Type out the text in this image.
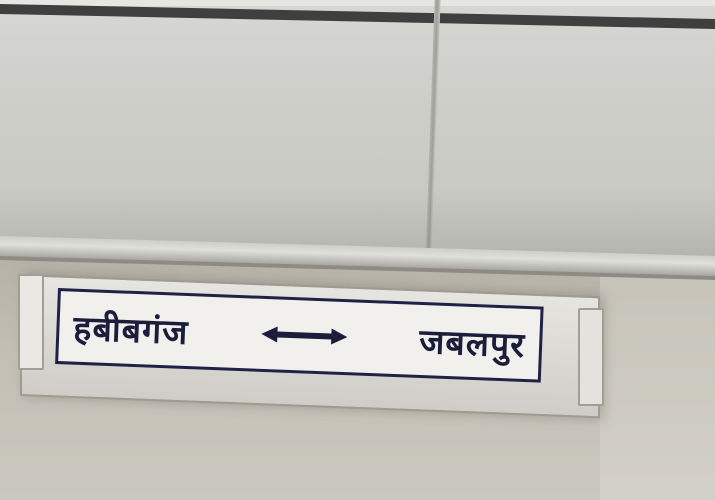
हबीबगंज	जबलपुर
